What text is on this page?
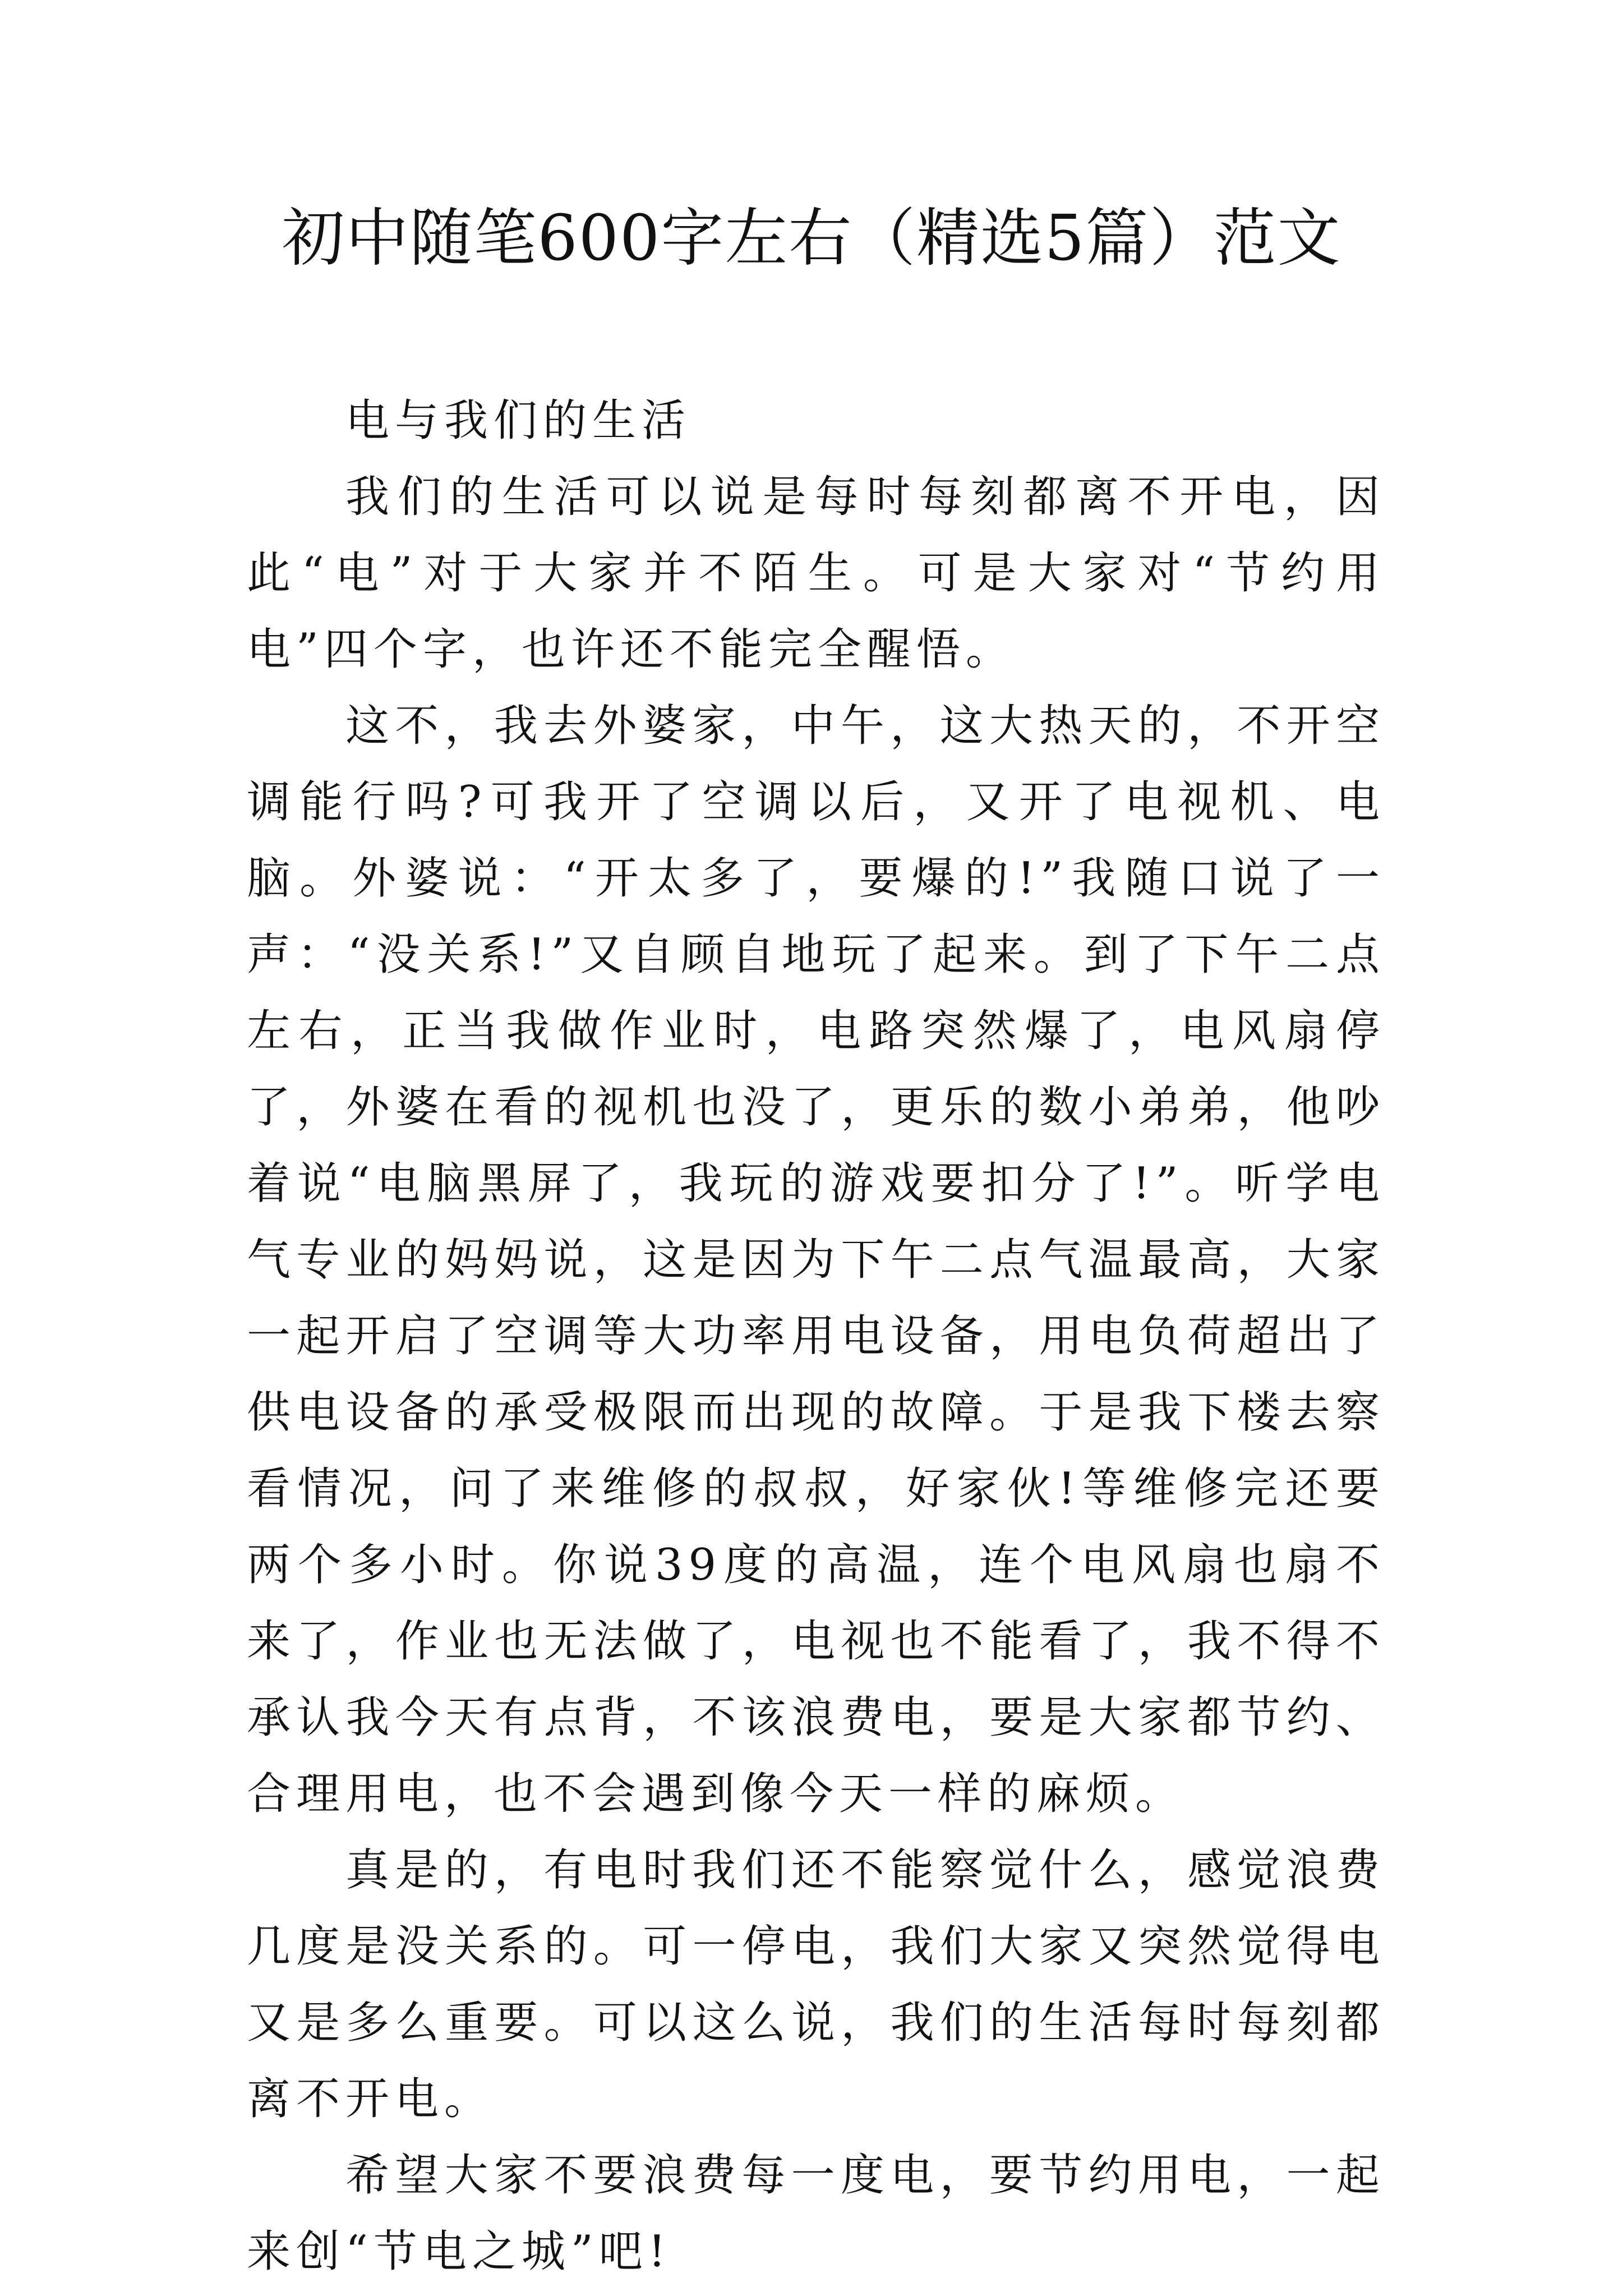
初中随笔600字左右（精选5篇）范文

电与我们的生活

我们的生活可以说是每时每刻都离不开电，因此“电”对于大家并不陌生。可是大家对“节约用电”四个字，也许还不能完全醒悟。

这不，我去外婆家，中午，这大热天的，不开空调能行吗?可我开了空调以后，又开了电视机、电脑。外婆说：“开太多了，要爆的!”我随口说了一声：“没关系!”又自顾自地玩了起来。到了下午二点左右，正当我做作业时，电路突然爆了，电风扇停了，外婆在看的视机也没了，更乐的数小弟弟，他吵着说“电脑黑屏了，我玩的游戏要扣分了!”。听学电气专业的妈妈说，这是因为下午二点气温最高，大家一起开启了空调等大功率用电设备，用电负荷超出了供电设备的承受极限而出现的故障。于是我下楼去察看情况，问了来维修的叔叔，好家伙!等维修完还要两个多小时。你说39度的高温，连个电风扇也扇不来了，作业也无法做了，电视也不能看了，我不得不承认我今天有点背，不该浪费电，要是大家都节约、合理用电，也不会遇到像今天一样的麻烦。

真是的，有电时我们还不能察觉什么，感觉浪费几度是没关系的。可一停电，我们大家又突然觉得电又是多么重要。可以这么说，我们的生活每时每刻都离不开电。

希望大家不要浪费每一度电，要节约用电，一起来创“节电之城”吧!
